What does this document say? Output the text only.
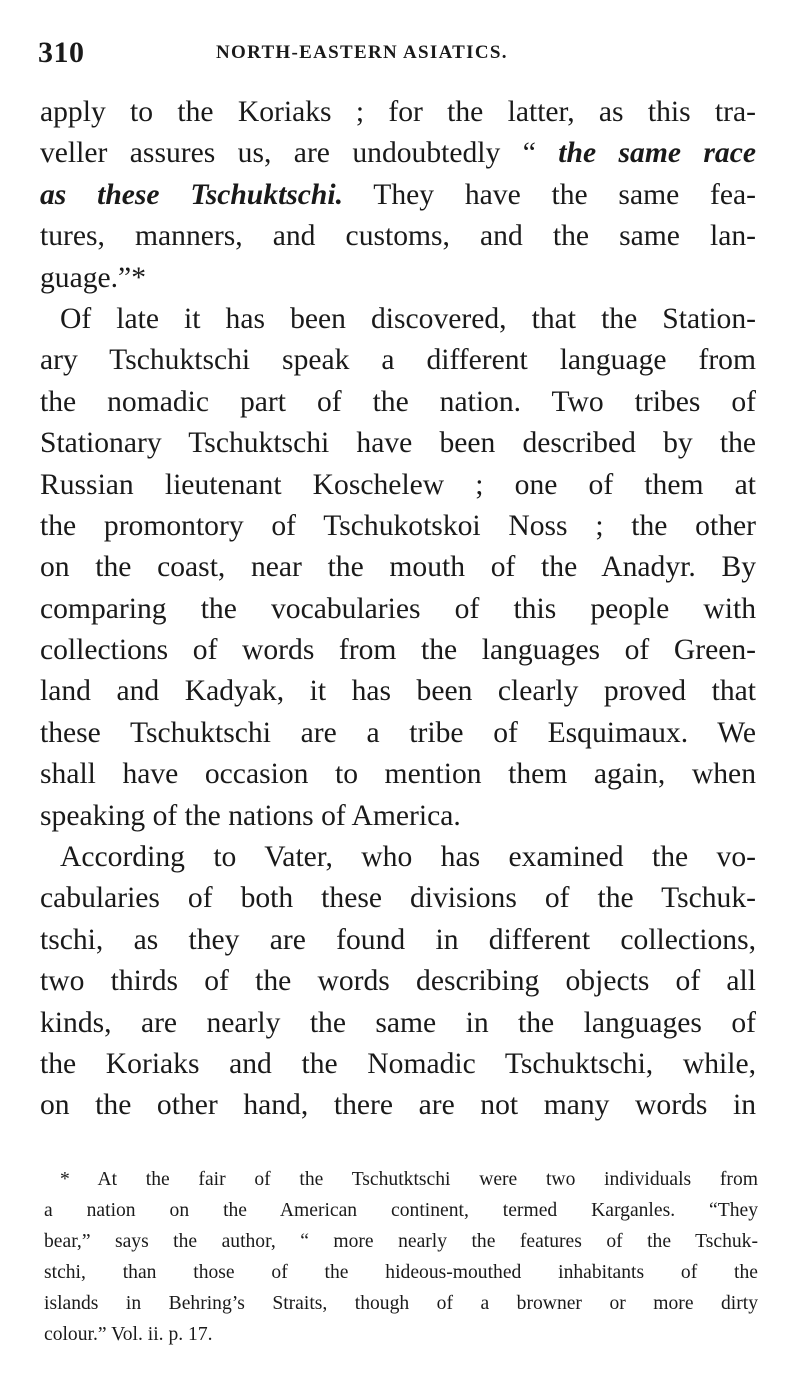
310	NORTH-EASTERN ASIATICS.
apply to the Koriaks ; for the latter, as this tra-
veller assures us, are undoubtedly “ the same race
as these Tschuktschi. They have the same fea-
tures, manners, and customs, and the same lan-
guage.”*
Of late it has been discovered, that the Station-
ary Tschuktschi speak a different language from
the nomadic part of the nation. Two tribes of
Stationary Tschuktschi have been described by the
Russian lieutenant Koschelew ; one of them at
the promontory of Tschukotskoi Noss ; the other
on the coast, near the mouth of the Anadyr. By
comparing the vocabularies of this people with
collections of words from the languages of Green-
land and Kadyak, it has been clearly proved that
these Tschuktschi are a tribe of Esquimaux. We
shall have occasion to mention them again, when
speaking of the nations of America.
According to Vater, who has examined the vo-
cabularies of both these divisions of the Tschuk-
tschi, as they are found in different collections,
two thirds of the words describing objects of all
kinds, are nearly the same in the languages of
the Koriaks and the Nomadic Tschuktschi, while,
on the other hand, there are not many words in
* At the fair of the Tschutktschi were two individuals from
a nation on the American continent, termed Karganles. “They
bear,” says the author, “ more nearly the features of the Tschuk-
stchi, than those of the hideous-mouthed inhabitants of the
islands in Behring’s Straits, though of a browner or more dirty
colour.” Vol. ii. p. 17.
